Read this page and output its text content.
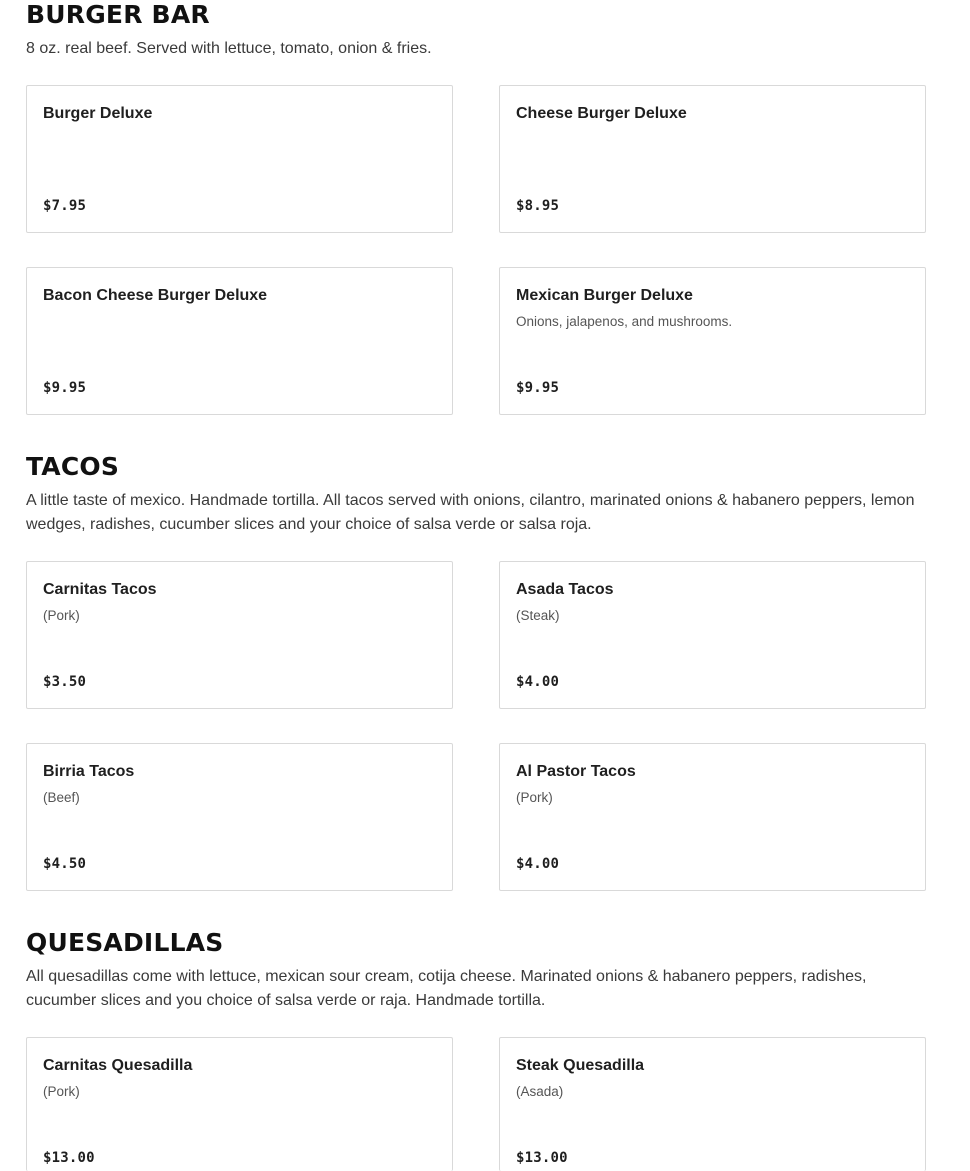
BURGER BAR

8 oz. real beef. Served with lettuce, tomato, onion & fries.

Burger Deluxe
$7.95
Cheese Burger Deluxe
$8.95
Bacon Cheese Burger Deluxe
$9.95
Mexican Burger Deluxe
Onions, jalapenos, and mushrooms.
$9.95
TACOS

A little taste of mexico. Handmade tortilla. All tacos served with onions, cilantro, marinated onions & habanero peppers, lemon wedges, radishes, cucumber slices and your choice of salsa verde or salsa roja.

Carnitas Tacos
(Pork)
$3.50
Asada Tacos
(Steak)
$4.00
Birria Tacos
(Beef)
$4.50
Al Pastor Tacos
(Pork)
$4.00
QUESADILLAS

All quesadillas come with lettuce, mexican sour cream, cotija cheese. Marinated onions & habanero peppers, radishes, cucumber slices and you choice of salsa verde or raja. Handmade tortilla.

Carnitas Quesadilla
(Pork)
$13.00
Steak Quesadilla
(Asada)
$13.00
